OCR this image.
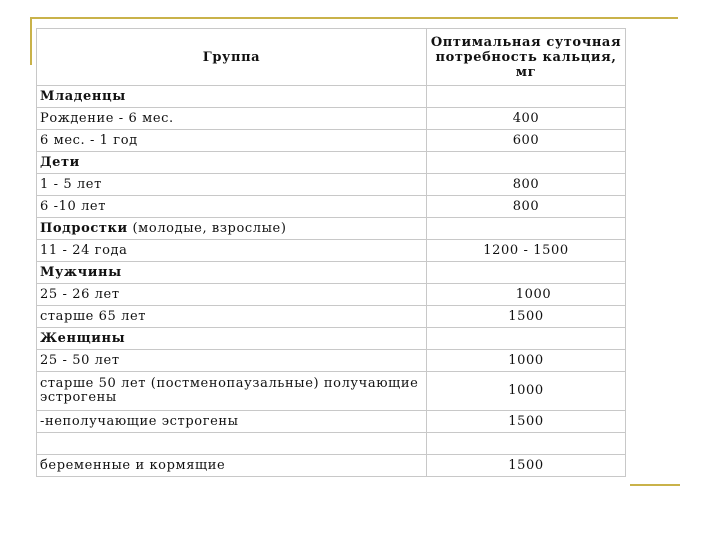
Группа	Оптимальная суточная потребность кальция, мг
Младенцы	
Рождение - 6 мес.	400
6 мес. - 1 год	600
Дети	
1 - 5 лет	800
6 -10 лет	800
Подростки (молодые, взрослые)	
11 - 24 года	1200 - 1500
Мужчины	
25 - 26 лет	1000
старше 65 лет	1500
Женщины	
25 - 50 лет	1000
старше 50 лет (постменопаузальные) получающие эстрогены	1000
-неполучающие эстрогены	1500

беременные и кормящие	1500
